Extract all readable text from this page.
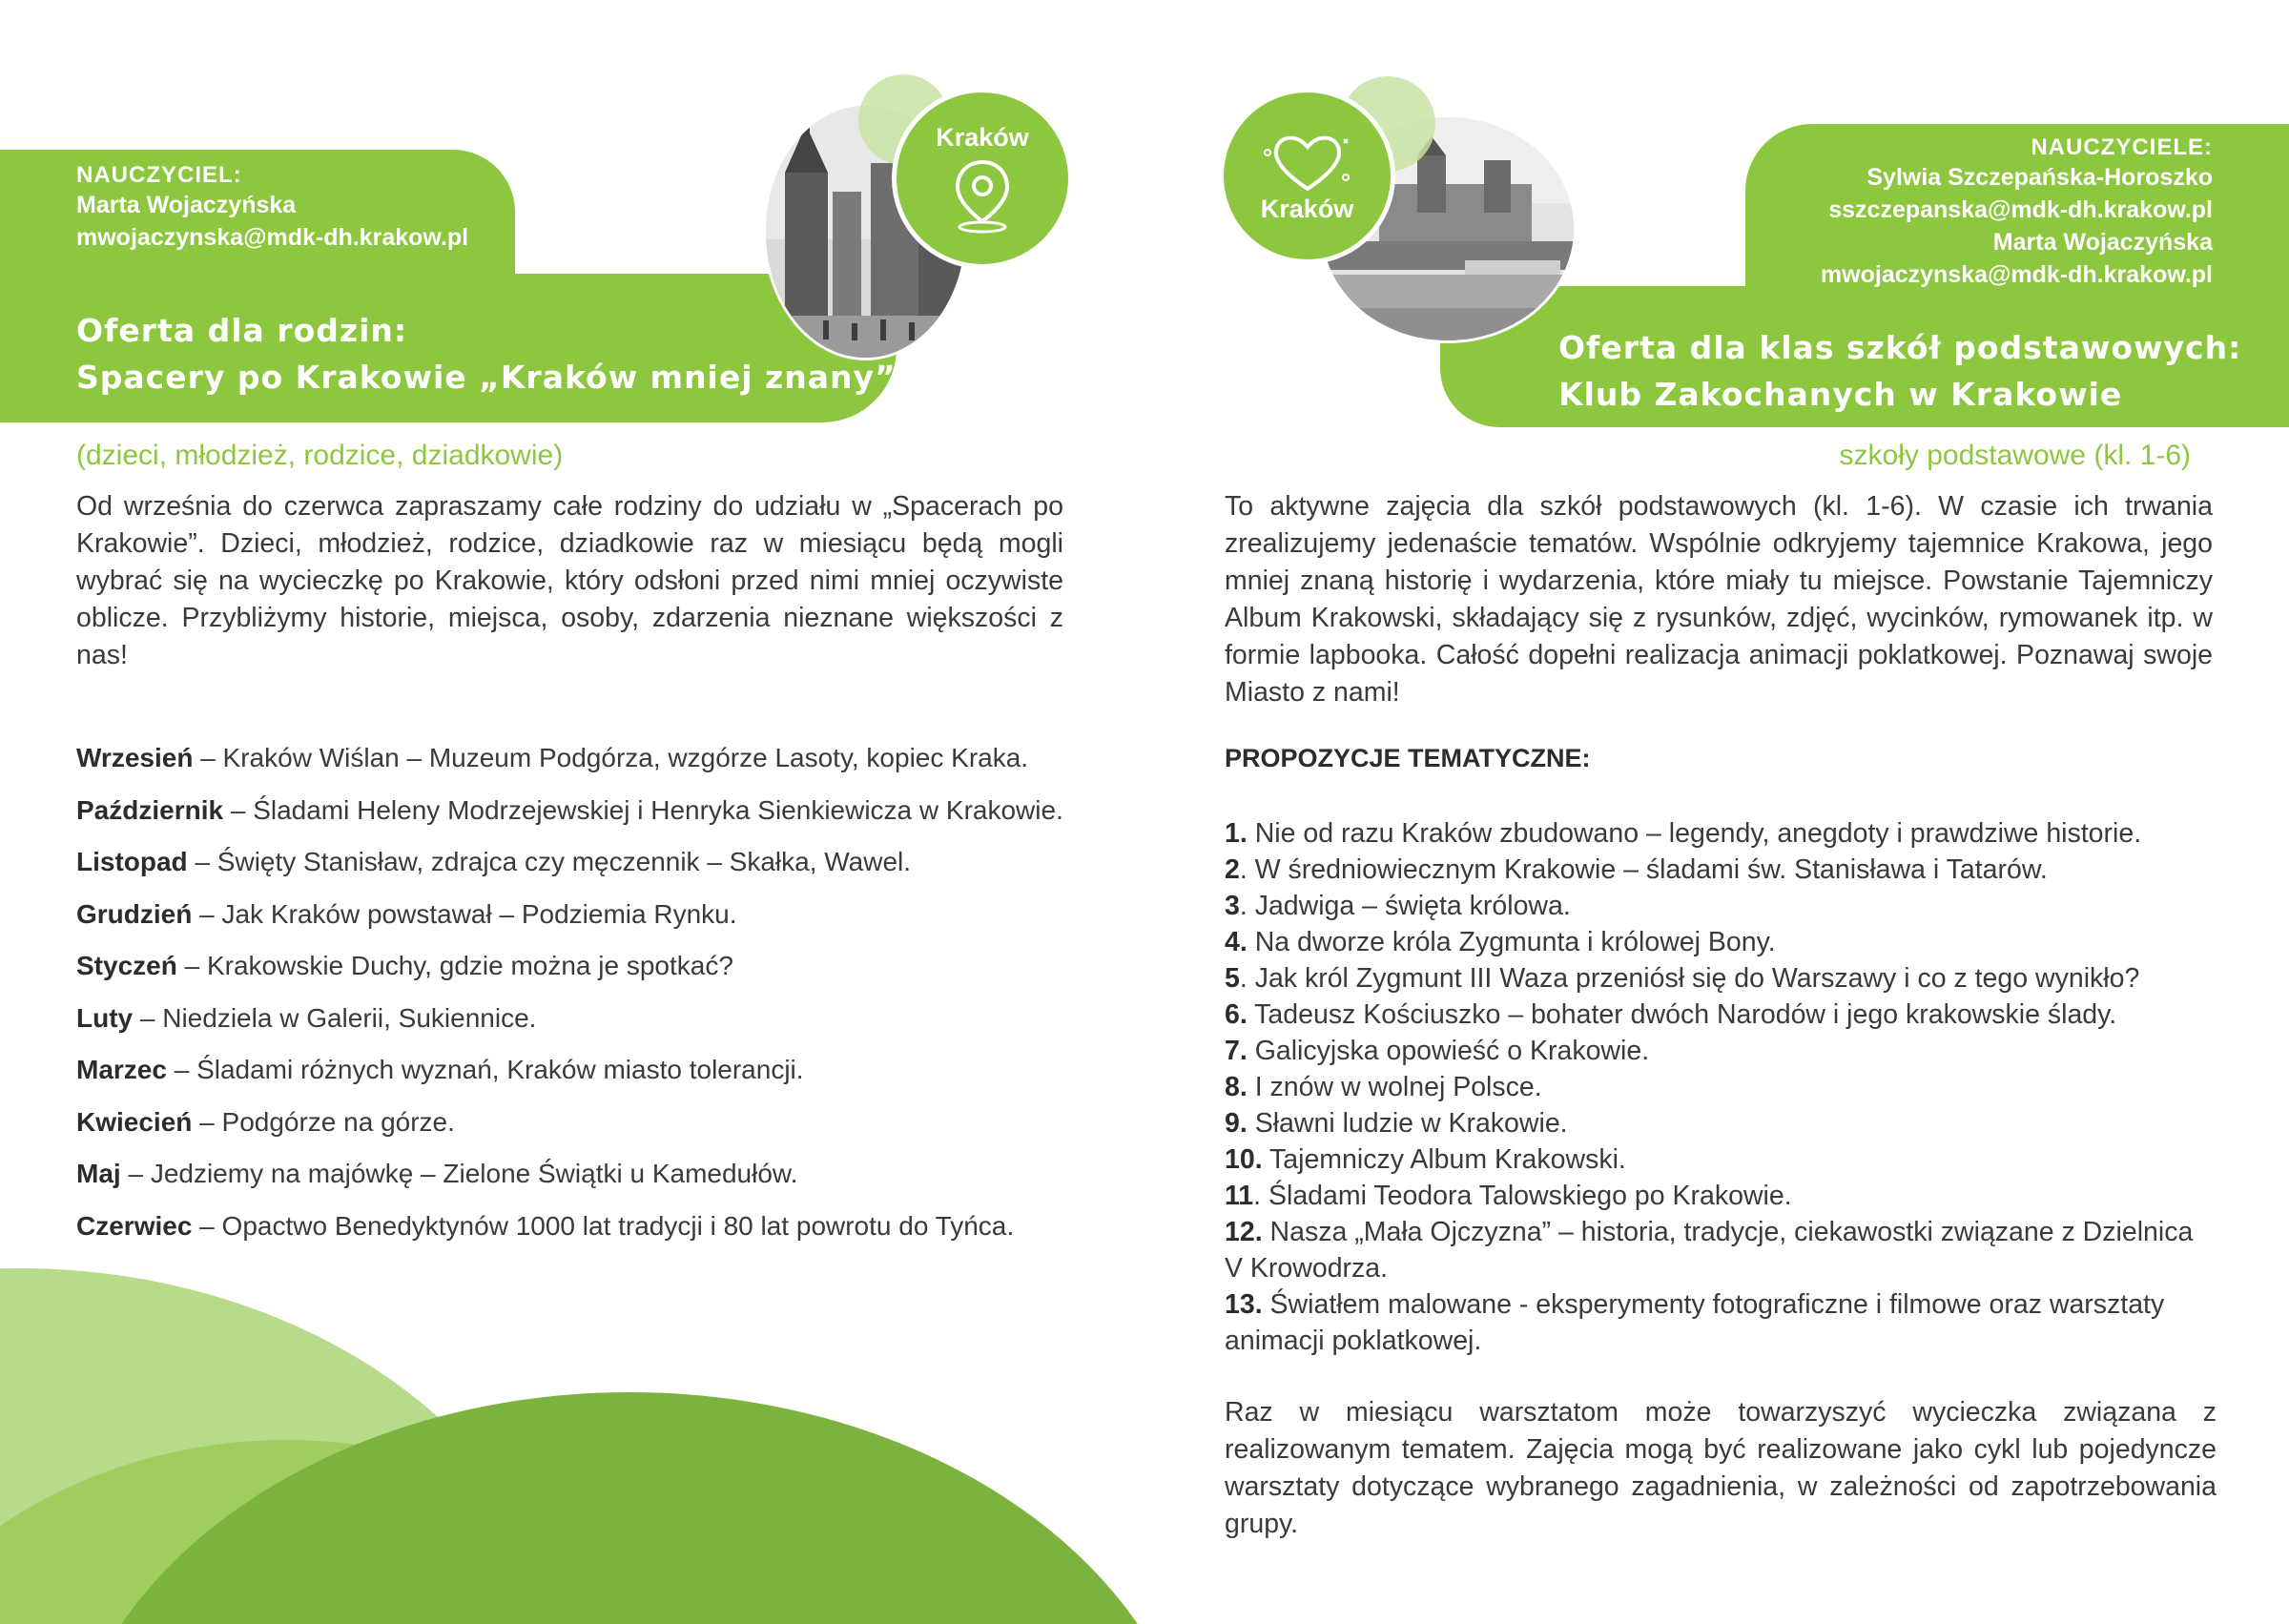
NAUCZYCIEL:
Marta Wojaczyńska
mwojaczynska@mdk-dh.krakow.pl
Oferta dla rodzin:
Spacery po Krakowie „Kraków mniej znany”
Kraków
(dzieci, młodzież, rodzice, dziadkowie)
Od września do czerwca zapraszamy całe rodziny do udziału w „Spacerach po Krakowie”. Dzieci, młodzież, rodzice, dziadkowie raz w miesiącu będą mogli wybrać się na wycieczkę po Krakowie, który odsłoni przed nimi mniej oczywiste oblicze. Przybliżymy historie, miejsca, osoby, zdarzenia nieznane większości z nas!
Wrzesień – Kraków Wiślan – Muzeum Podgórza, wzgórze Lasoty, kopiec Kraka.
Październik – Śladami Heleny Modrzejewskiej i Henryka Sienkiewicza w Krakowie.
Listopad – Święty Stanisław, zdrajca czy męczennik – Skałka, Wawel.
Grudzień – Jak Kraków powstawał – Podziemia Rynku.
Styczeń – Krakowskie Duchy, gdzie można je spotkać?
Luty – Niedziela w Galerii, Sukiennice.
Marzec – Śladami różnych wyznań, Kraków miasto tolerancji.
Kwiecień – Podgórze na górze.
Maj – Jedziemy na majówkę – Zielone Świątki u Kamedułów.
Czerwiec – Opactwo Benedyktynów 1000 lat tradycji i 80 lat powrotu do Tyńca.
NAUCZYCIELE:
Sylwia Szczepańska-Horoszko
sszczepanska@mdk-dh.krakow.pl
Marta Wojaczyńska
mwojaczynska@mdk-dh.krakow.pl
Oferta dla klas szkół podstawowych:
Klub Zakochanych w Krakowie
Kraków
szkoły podstawowe (kl. 1-6)
To aktywne zajęcia dla szkół podstawowych (kl. 1-6). W czasie ich trwania zrealizujemy jedenaście tematów. Wspólnie odkryjemy tajemnice Krakowa, jego mniej znaną historię i wydarzenia, które miały tu miejsce. Powstanie Tajemniczy Album Krakowski, składający się z rysunków, zdjęć, wycinków, rymowanek itp. w formie lapbooka. Całość dopełni realizacja animacji poklatkowej. Poznawaj swoje Miasto z nami!
PROPOZYCJE TEMATYCZNE:
1. Nie od razu Kraków zbudowano – legendy, anegdoty i prawdziwe historie.
2. W średniowiecznym Krakowie – śladami św. Stanisława i Tatarów.
3. Jadwiga – święta królowa.
4. Na dworze króla Zygmunta i królowej Bony.
5. Jak król Zygmunt III Waza przeniósł się do Warszawy i co z tego wynikło?
6. Tadeusz Kościuszko – bohater dwóch Narodów i jego krakowskie ślady.
7. Galicyjska opowieść o Krakowie.
8. I znów w wolnej Polsce.
9. Sławni ludzie w Krakowie.
10. Tajemniczy Album Krakowski.
11. Śladami Teodora Talowskiego po Krakowie.
12. Nasza „Mała Ojczyzna” – historia, tradycje, ciekawostki związane z Dzielnica V Krowodrza.
13. Światłem malowane - eksperymenty fotograficzne i filmowe oraz warsztaty animacji poklatkowej.
Raz w miesiącu warsztatom może towarzyszyć wycieczka związana z realizowanym tematem. Zajęcia mogą być realizowane jako cykl lub pojedyncze warsztaty dotyczące wybranego zagadnienia, w zależności od zapotrzebowania grupy.
